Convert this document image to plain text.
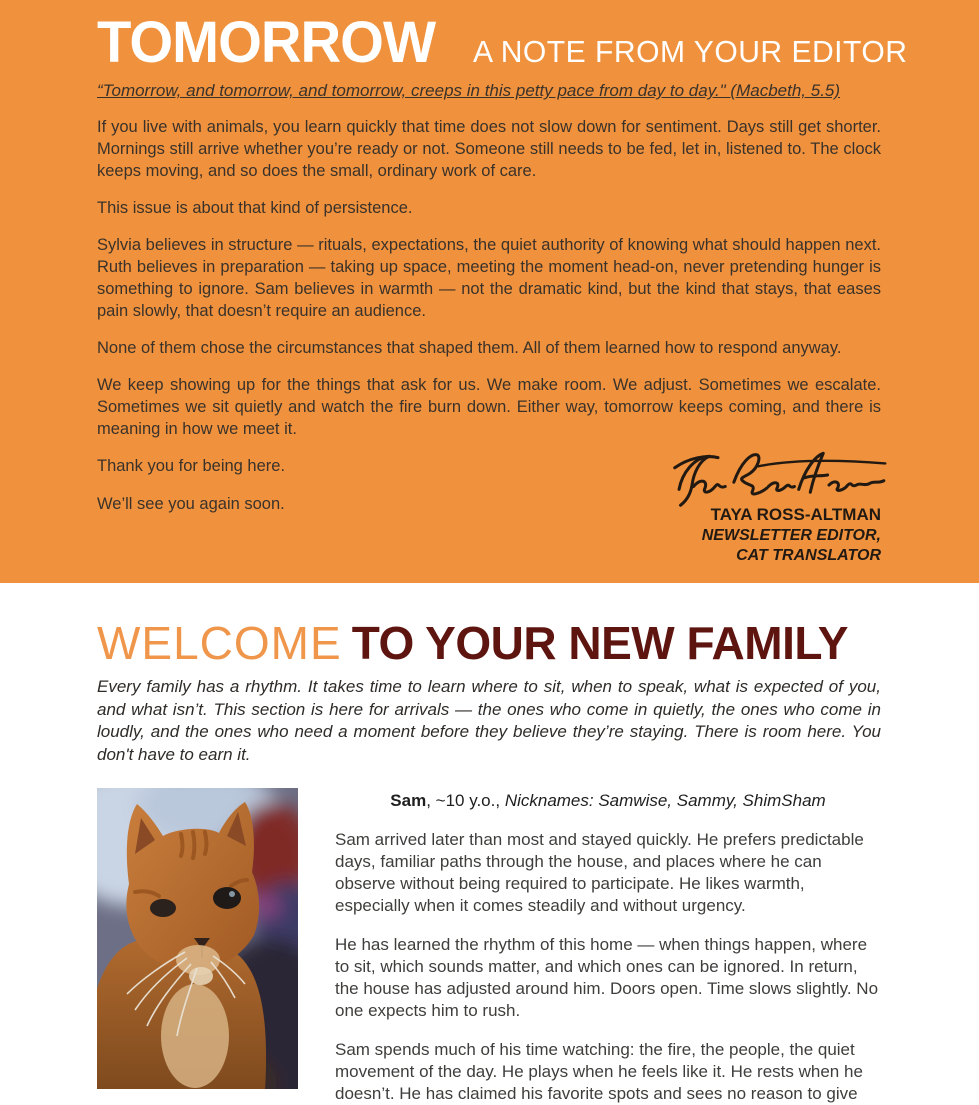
TOMORROW A NOTE FROM YOUR EDITOR

“Tomorrow, and tomorrow, and tomorrow, creeps in this petty pace from day to day." (Macbeth, 5.5)

If you live with animals, you learn quickly that time does not slow down for sentiment. Days still get shorter. Mornings still arrive whether you’re ready or not. Someone still needs to be fed, let in, listened to. The clock keeps moving, and so does the small, ordinary work of care.

This issue is about that kind of persistence.

Sylvia believes in structure — rituals, expectations, the quiet authority of knowing what should happen next. Ruth believes in preparation — taking up space, meeting the moment head-on, never pretending hunger is something to ignore. Sam believes in warmth — not the dramatic kind, but the kind that stays, that eases pain slowly, that doesn’t require an audience.

None of them chose the circumstances that shaped them. All of them learned how to respond anyway.

We keep showing up for the things that ask for us. We make room. We adjust. Sometimes we escalate. Sometimes we sit quietly and watch the fire burn down. Either way, tomorrow keeps coming, and there is meaning in how we meet it.

Thank you for being here.

We’ll see you again soon.

TAYA ROSS-ALTMAN
NEWSLETTER EDITOR,
CAT TRANSLATOR
WELCOME TO YOUR NEW FAMILY

Every family has a rhythm. It takes time to learn where to sit, when to speak, what is expected of you, and what isn’t. This section is here for arrivals — the ones who come in quietly, the ones who come in loudly, and the ones who need a moment before they believe they’re staying. There is room here. You don't have to earn it.

Sam, ~10 y.o., Nicknames: Samwise, Sammy, ShimSham

Sam arrived later than most and stayed quickly. He prefers predictable days, familiar paths through the house, and places where he can observe without being required to participate. He likes warmth, especially when it comes steadily and without urgency.

He has learned the rhythm of this home — when things happen, where to sit, which sounds matter, and which ones can be ignored. In return, the house has adjusted around him. Doors open. Time slows slightly. No one expects him to rush.

Sam spends much of his time watching: the fire, the people, the quiet movement of the day. He plays when he feels like it. He rests when he doesn’t. He has claimed his favorite spots and sees no reason to give
